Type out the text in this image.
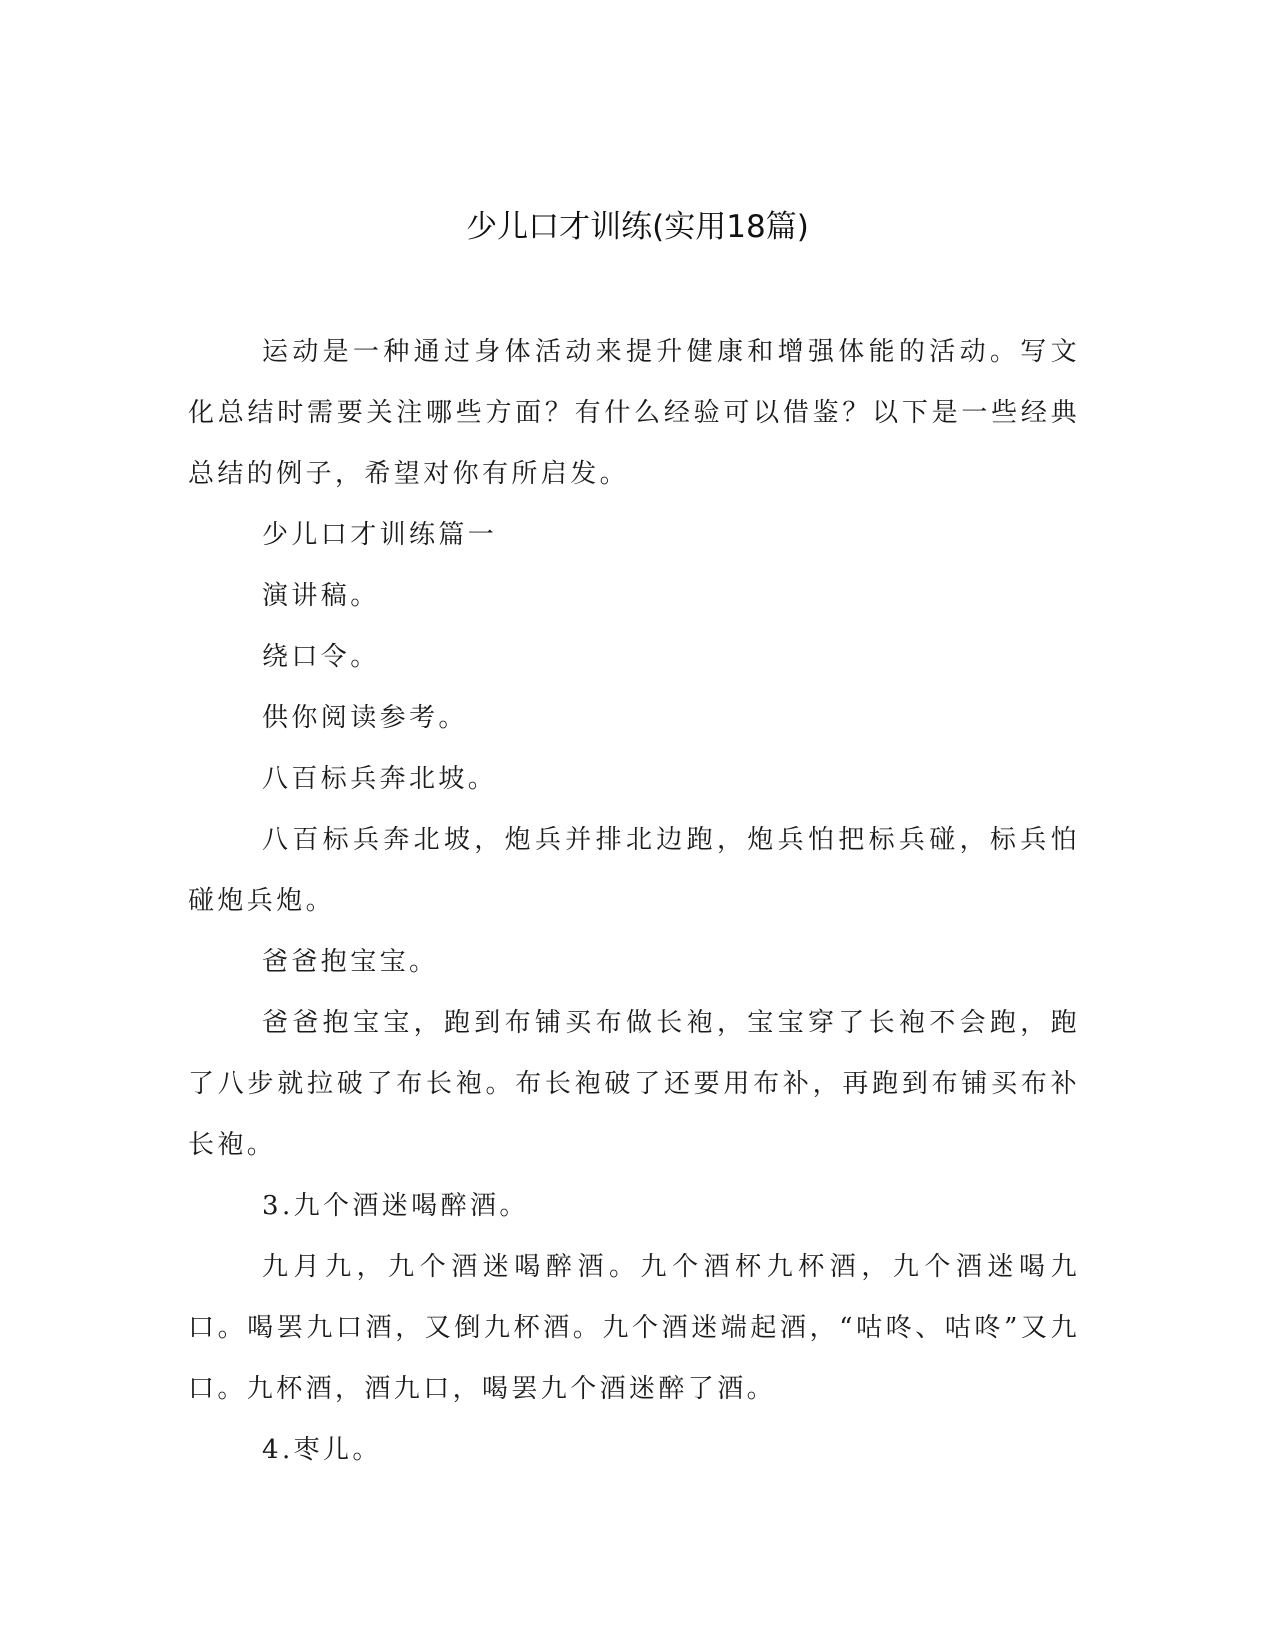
少儿口才训练(实用18篇)

运动是一种通过身体活动来提升健康和增强体能的活动。写文化总结时需要关注哪些方面？有什么经验可以借鉴？以下是一些经典总结的例子，希望对你有所启发。

少儿口才训练篇一

演讲稿。

绕口令。

供你阅读参考。

八百标兵奔北坡。

八百标兵奔北坡，炮兵并排北边跑，炮兵怕把标兵碰，标兵怕碰炮兵炮。

爸爸抱宝宝。

爸爸抱宝宝，跑到布铺买布做长袍，宝宝穿了长袍不会跑，跑了八步就拉破了布长袍。布长袍破了还要用布补，再跑到布铺买布补长袍。

3.九个酒迷喝醉酒。

九月九，九个酒迷喝醉酒。九个酒杯九杯酒，九个酒迷喝九口。喝罢九口酒，又倒九杯酒。九个酒迷端起酒，“咕咚、咕咚”又九口。九杯酒，酒九口，喝罢九个酒迷醉了酒。

4.枣儿。
